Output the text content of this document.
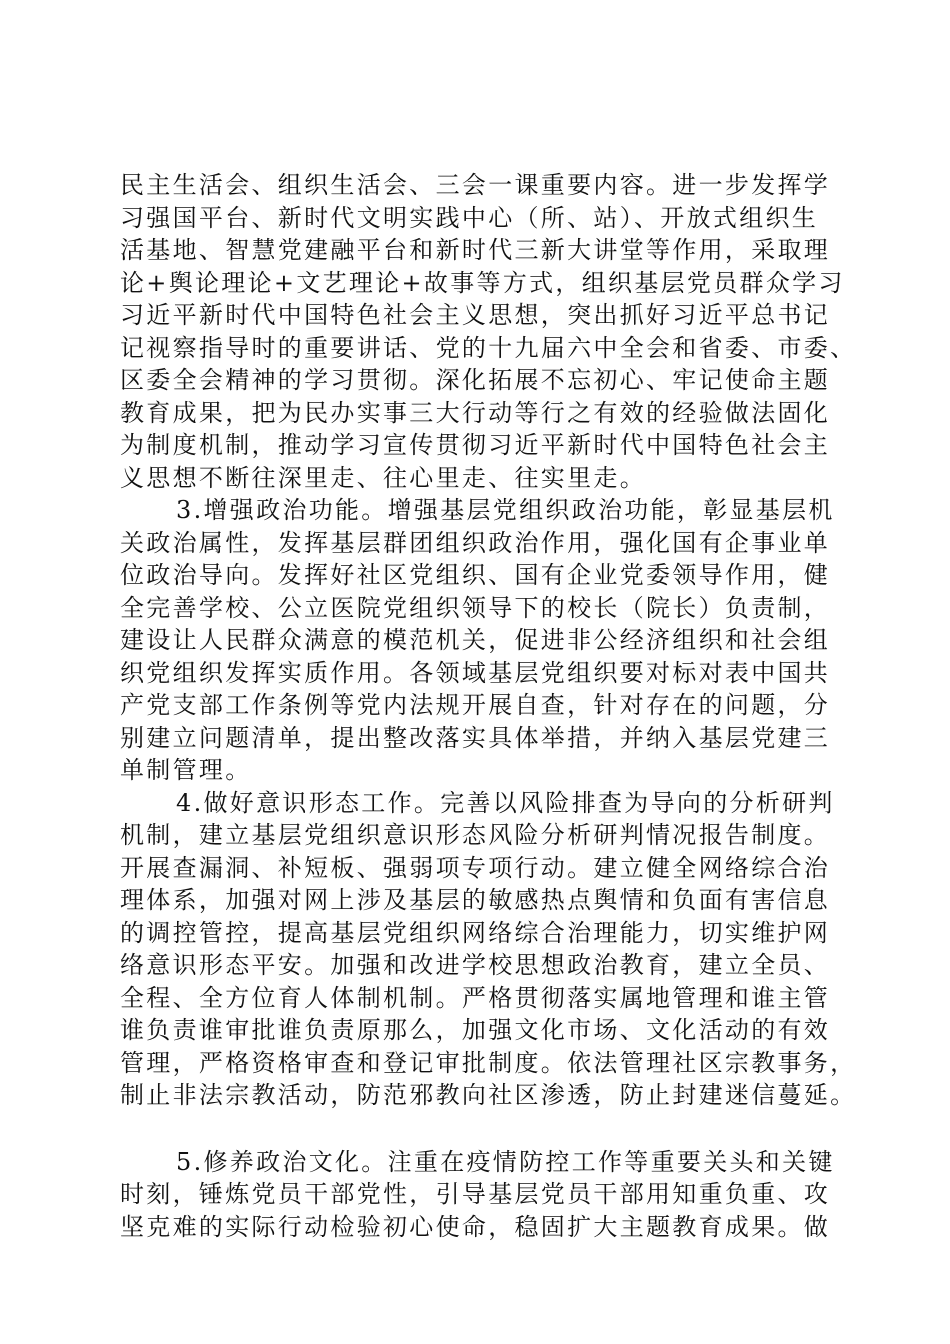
民主生活会、组织生活会、三会一课重要内容。进一步发挥学
习强国平台、新时代文明实践中心（所、站）、开放式组织生
活基地、智慧党建融平台和新时代三新大讲堂等作用，采取理
论+舆论理论+文艺理论+故事等方式，组织基层党员群众学习
习近平新时代中国特色社会主义思想，突出抓好习近平总书记
记视察指导时的重要讲话、党的十九届六中全会和省委、市委、
区委全会精神的学习贯彻。深化拓展不忘初心、牢记使命主题
教育成果，把为民办实事三大行动等行之有效的经验做法固化
为制度机制，推动学习宣传贯彻习近平新时代中国特色社会主
义思想不断往深里走、往心里走、往实里走。
3.增强政治功能。增强基层党组织政治功能，彰显基层机
关政治属性，发挥基层群团组织政治作用，强化国有企事业单
位政治导向。发挥好社区党组织、国有企业党委领导作用，健
全完善学校、公立医院党组织领导下的校长（院长）负责制，
建设让人民群众满意的模范机关，促进非公经济组织和社会组
织党组织发挥实质作用。各领域基层党组织要对标对表中国共
产党支部工作条例等党内法规开展自查，针对存在的问题，分
别建立问题清单，提出整改落实具体举措，并纳入基层党建三
单制管理。
4.做好意识形态工作。完善以风险排查为导向的分析研判
机制，建立基层党组织意识形态风险分析研判情况报告制度。
开展查漏洞、补短板、强弱项专项行动。建立健全网络综合治
理体系，加强对网上涉及基层的敏感热点舆情和负面有害信息
的调控管控，提高基层党组织网络综合治理能力，切实维护网
络意识形态平安。加强和改进学校思想政治教育，建立全员、
全程、全方位育人体制机制。严格贯彻落实属地管理和谁主管
谁负责谁审批谁负责原那么，加强文化市场、文化活动的有效
管理，严格资格审查和登记审批制度。依法管理社区宗教事务，
制止非法宗教活动，防范邪教向社区渗透，防止封建迷信蔓延。
5.修养政治文化。注重在疫情防控工作等重要关头和关键
时刻，锤炼党员干部党性，引导基层党员干部用知重负重、攻
坚克难的实际行动检验初心使命，稳固扩大主题教育成果。做
